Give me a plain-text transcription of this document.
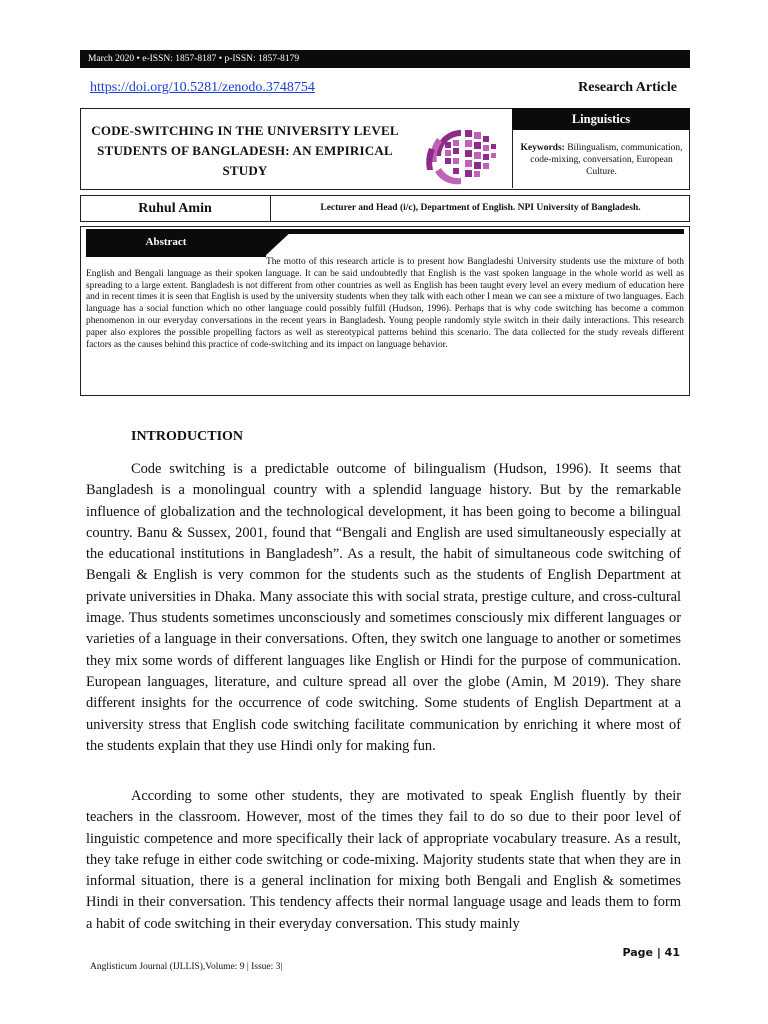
March 2020 • e-ISSN: 1857-8187 • p-ISSN: 1857-8179
https://doi.org/10.5281/zenodo.3748754	Research Article
CODE-SWITCHING IN THE UNIVERSITY LEVEL STUDENTS OF BANGLADESH: AN EMPIRICAL STUDY
Linguistics
Keywords: Bilingualism, communication, code-mixing, conversation, European Culture.
Ruhul Amin	Lecturer and Head (i/c), Department of English. NPI University of Bangladesh.
Abstract
The motto of this research article is to present how Bangladeshi University students use the mixture of both English and Bengali language as their spoken language. It can be said undoubtedly that English is the vast spoken language in the whole world as well as spreading to a large extent. Bangladesh is not different from other countries as well as English has been taught every level an every medium of education here and in recent times it is seen that English is used by the university students when they talk with each other I mean we can see a mixture of two languages. Each language has a social function which no other language could possibly fulfill (Hudson, 1996). Perhaps that is why code switching has become a common phenomenon in our everyday conversations in the recent years in Bangladesh. Young people randomly style switch in their daily interactions. This research paper also explores the possible propelling factors as well as stereotypical patterns behind this scenario. The data collected for the study reveals different factors as the causes behind this practice of code-switching and its impact on language behavior.
INTRODUCTION

Code switching is a predictable outcome of bilingualism (Hudson, 1996). It seems that Bangladesh is a monolingual country with a splendid language history. But by the remarkable influence of globalization and the technological development, it has been going to become a bilingual country. Banu & Sussex, 2001, found that “Bengali and English are used simultaneously especially at the educational institutions in Bangladesh”. As a result, the habit of simultaneous code switching of Bengali & English is very common for the students such as the students of English Department at private universities in Dhaka. Many associate this with social strata, prestige culture, and cross-cultural image. Thus students sometimes unconsciously and sometimes consciously mix different languages or varieties of a language in their conversations. Often, they switch one language to another or sometimes they mix some words of different languages like English or Hindi for the purpose of communication. European languages, literature, and culture spread all over the globe (Amin, M 2019). They share different insights for the occurrence of code switching. Some students of English Department at a university stress that English code switching facilitate communication by enriching it where most of the students explain that they use Hindi only for making fun.

According to some other students, they are motivated to speak English fluently by their teachers in the classroom. However, most of the times they fail to do so due to their poor level of linguistic competence and more specifically their lack of appropriate vocabulary treasure. As a result, they take refuge in either code switching or code-mixing. Majority students state that when they are in informal situation, there is a general inclination for mixing both Bengali and English & sometimes Hindi in their conversation. This tendency affects their normal language usage and leads them to form a habit of code switching in their everyday conversation. This study mainly

Page | 41
Anglisticum Journal (IJLLIS),Volume: 9 | Issue: 3|
